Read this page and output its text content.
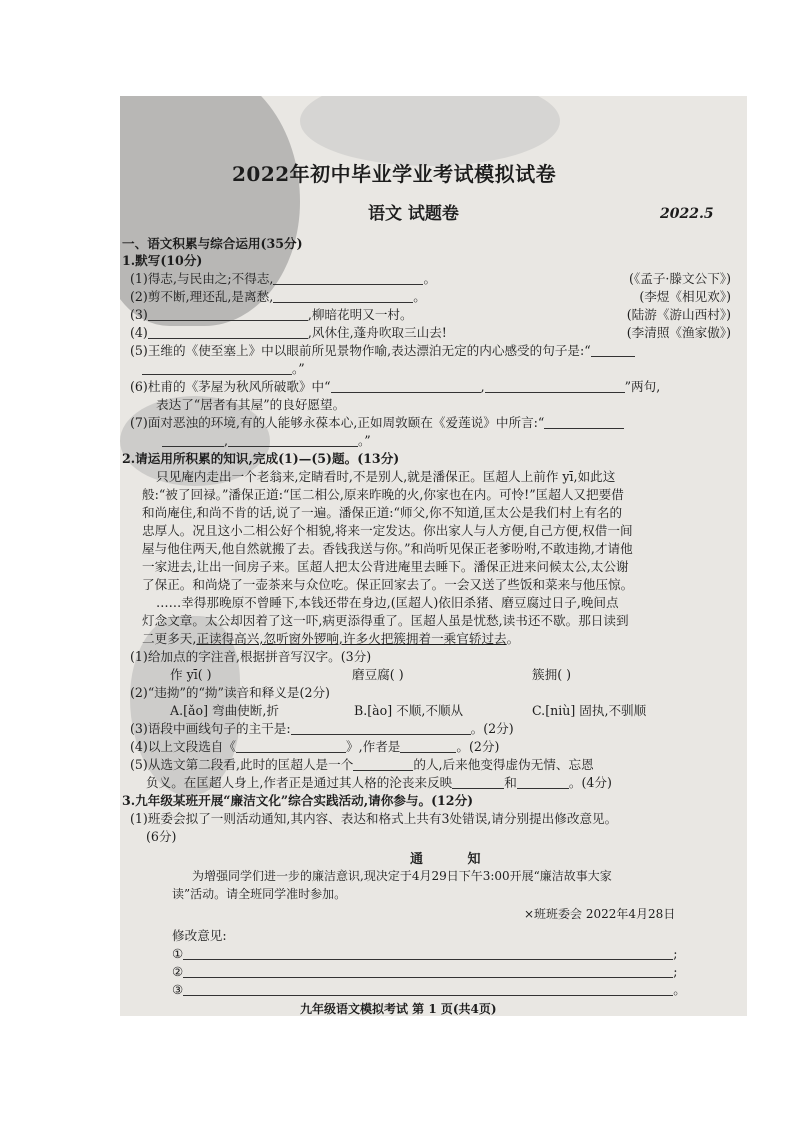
2022年初中毕业学业考试模拟试卷
语文 试题卷	2022.5
一、语文积累与综合运用(35分)
1.默写(10分)
(1)得志,与民由之;不得志,	。	(《孟子·滕文公下》)
(2)剪不断,理还乱,是离愁,	。	(李煜《相见欢》)
(3)	,柳暗花明又一村。	(陆游《游山西村》)
(4)	,风休住,蓬舟吹取三山去!	(李清照《渔家傲》)
(5)王维的《使至塞上》中以眼前所见景物作喻,表达漂泊无定的内心感受的句子是:“
。”
(6)杜甫的《茅屋为秋风所破歌》中“	,	”两句,
表达了“居者有其屋”的良好愿望。
(7)面对恶浊的环境,有的人能够永葆本心,正如周敦颐在《爱莲说》中所言:“
,	。”
2.请运用所积累的知识,完成(1)—(5)题。(13分)
只见庵内走出一个老翁来,定睛看时,不是别人,就是潘保正。匡超人上前作 yī,如此这
般:“被了回禄。”潘保正道:“匡二相公,原来昨晚的火,你家也在内。可怜!”匡超人又把要借
和尚庵住,和尚不肯的话,说了一遍。潘保正道:“师父,你不知道,匡太公是我们村上有名的
忠厚人。况且这小二相公好个相貌,将来一定发达。你出家人与人方便,自己方便,权借一间
屋与他住两天,他自然就搬了去。香钱我送与你。”和尚听见保正老爹吩咐,不敢违拗,才请他
一家进去,让出一间房子来。匡超人把太公背进庵里去睡下。潘保正进来问候太公,太公谢
了保正。和尚烧了一壶茶来与众位吃。保正回家去了。一会又送了些饭和菜来与他压惊。
……幸得那晚原不曾睡下,本钱还带在身边,(匡超人)依旧杀猪、磨豆腐过日子,晚间点
灯念文章。太公却因着了这一吓,病更添得重了。匡超人虽是忧愁,读书还不歇。那日读到
二更多天,正读得高兴,忽听窗外锣响,许多火把簇拥着一乘官轿过去。
(1)给加点的字注音,根据拼音写汉字。(3分)
作 yī( )	磨豆腐( )	簇拥( )
(2)“违拗”的“拗”读音和释义是(2分)
A.[ǎo] 弯曲使断,折	B.[ào] 不顺,不顺从	C.[niù] 固执,不驯顺
(3)语段中画线句子的主干是:	。(2分)
(4)以上文段选自《	》,作者是	。(2分)
(5)从选文第二段看,此时的匡超人是一个	的人,后来他变得虚伪无情、忘恩
负义。在匡超人身上,作者正是通过其人格的沦丧来反映	和	。(4分)
3.九年级某班开展“廉洁文化”综合实践活动,请你参与。(12分)
(1)班委会拟了一则活动通知,其内容、表达和格式上共有3处错误,请分别提出修改意见。
(6分)
通 知
为增强同学们进一步的廉洁意识,现决定于4月29日下午3:00开展“廉洁故事大家
读”活动。请全班同学准时参加。
×班班委会 2022年4月28日
修改意见:
①	;
②	;
③	。
九年级语文模拟考试 第 1 页(共4页)
